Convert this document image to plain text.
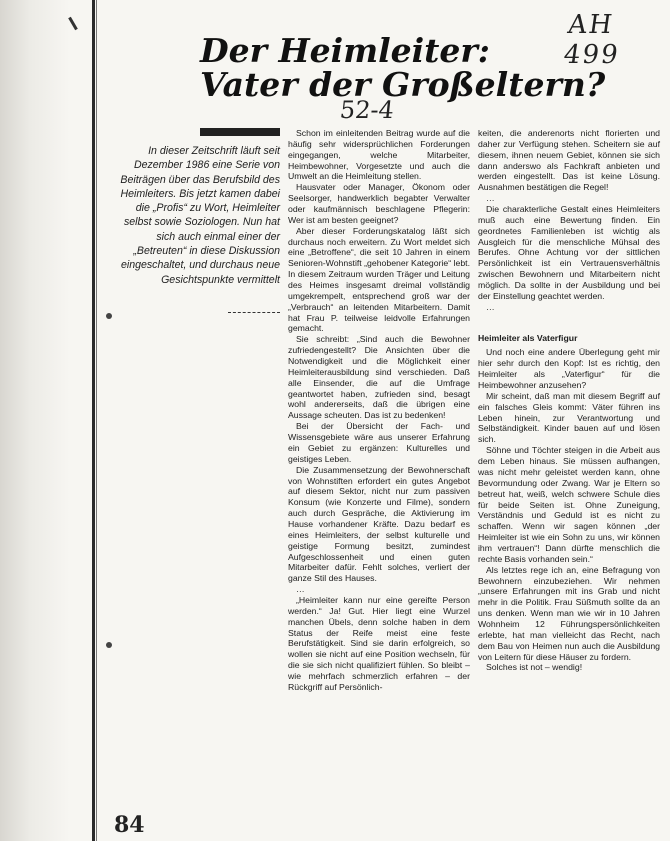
AH 499
52-4
Der Heimleiter:
Vater der Großeltern?
In dieser Zeitschrift läuft seit Dezember 1986 eine Serie von Beiträgen über das Berufsbild des Heimleiters. Bis jetzt kamen dabei die „Profis“ zu Wort, Heimleiter selbst sowie Soziologen. Nun hat sich auch einmal einer der „Betreuten“ in diese Diskussion eingeschaltet, und durchaus neue Gesichtspunkte vermittelt

Schon im einleitenden Beitrag wurde auf die häufig sehr widersprüchlichen Forderungen eingegangen, welche Mitarbeiter, Heimbewohner, Vorgesetzte und auch die Umwelt an die Heimleitung stellen.

Hausvater oder Manager, Ökonom oder Seelsorger, handwerklich begabter Verwalter oder kaufmännisch beschlagene Pflegerin: Wer ist am besten geeignet?

Aber dieser Forderungskatalog läßt sich durchaus noch erweitern. Zu Wort meldet sich eine „Betroffene“, die seit 10 Jahren in einem Senioren-Wohnstift „gehobener Kategorie“ lebt. In diesem Zeitraum wurden Träger und Leitung des Heimes insgesamt dreimal vollständig umgekrempelt, entsprechend groß war der „Verbrauch“ an leitenden Mitarbeitern. Damit hat Frau P. teilweise leidvolle Erfahrungen gemacht.

Sie schreibt: „Sind auch die Bewohner zufriedengestellt? Die Ansichten über die Notwendigkeit und die Möglichkeit einer Heimleiterausbildung sind verschieden. Daß alle Einsender, die auf die Umfrage geantwortet haben, zufrieden sind, besagt wohl andererseits, daß die übrigen eine Aussage scheuten. Das ist zu bedenken!

Bei der Übersicht der Fach- und Wissensgebiete wäre aus unserer Erfahrung ein Gebiet zu ergänzen: Kulturelles und geistiges Leben.

Die Zusammensetzung der Bewohnerschaft von Wohnstiften erfordert ein gutes Angebot auf diesem Sektor, nicht nur zum passiven Konsum (wie Konzerte und Filme), sondern auch durch Gespräche, die Aktivierung im Hause vorhandener Kräfte. Dazu bedarf es eines Heimleiters, der selbst kulturelle und geistige Formung besitzt, zumindest Aufgeschlossenheit und einen guten Mitarbeiter dafür. Fehlt solches, verliert der ganze Stil des Hauses.

…

„Heimleiter kann nur eine gereifte Person werden.“ Ja! Gut. Hier liegt eine Wurzel manchen Übels, denn solche haben in dem Status der Reife meist eine feste Berufstätigkeit. Sind sie darin erfolgreich, so wollen sie nicht auf eine Position wechseln, für die sie sich nicht qualifiziert fühlen. So bleibt – wie mehrfach schmerzlich erfahren – der Rückgriff auf Persönlich-

keiten, die anderenorts nicht florierten und daher zur Verfügung stehen. Scheitern sie auf diesem, ihnen neuem Gebiet, können sie sich dann anderswo als Fachkraft anbieten und werden eingestellt. Das ist keine Lösung. Ausnahmen bestätigen die Regel!

…

Die charakterliche Gestalt eines Heimleiters muß auch eine Bewertung finden. Ein geordnetes Familienleben ist wichtig als Ausgleich für die menschliche Mühsal des Berufes. Ohne Achtung vor der sittlichen Persönlichkeit ist ein Vertrauensverhältnis zwischen Bewohnern und Mitarbeitern nicht möglich. Da sollte in der Ausbildung und bei der Einstellung geachtet werden.

…

Heimleiter als Vaterfigur

Und noch eine andere Überlegung geht mir hier sehr durch den Kopf: Ist es richtig, den Heimleiter als „Vaterfigur“ für die Heimbewohner anzusehen?

Mir scheint, daß man mit diesem Begriff auf ein falsches Gleis kommt: Väter führen ins Leben hinein, zur Verantwortung und Selbständigkeit. Kinder bauen auf und lösen sich.

Söhne und Töchter steigen in die Arbeit aus dem Leben hinaus. Sie müssen aufhangen, was nicht mehr geleistet werden kann, ohne Bevormundung oder Zwang. War je Eltern so betreut hat, weiß, welch schwere Schule dies für beide Seiten ist. Ohne Zuneigung, Verständnis und Geduld ist es nicht zu schaffen. Wenn wir sagen können „der Heimleiter ist wie ein Sohn zu uns, wir können ihm vertrauen“! Dann dürfte menschlich die rechte Basis vorhanden sein.“

Als letztes rege ich an, eine Befragung von Bewohnern einzubeziehen. Wir nehmen „unsere Erfahrungen mit ins Grab und nicht mehr in die Politik. Frau Süßmuth sollte da an uns denken. Wenn man wie wir in 10 Jahren Wohnheim 12 Führungspersönlichkeiten erlebte, hat man vielleicht das Recht, nach dem Bau von Heimen nun auch die Ausbildung von Leitern für diese Häuser zu fordern.

Solches ist not – wendig!

84
